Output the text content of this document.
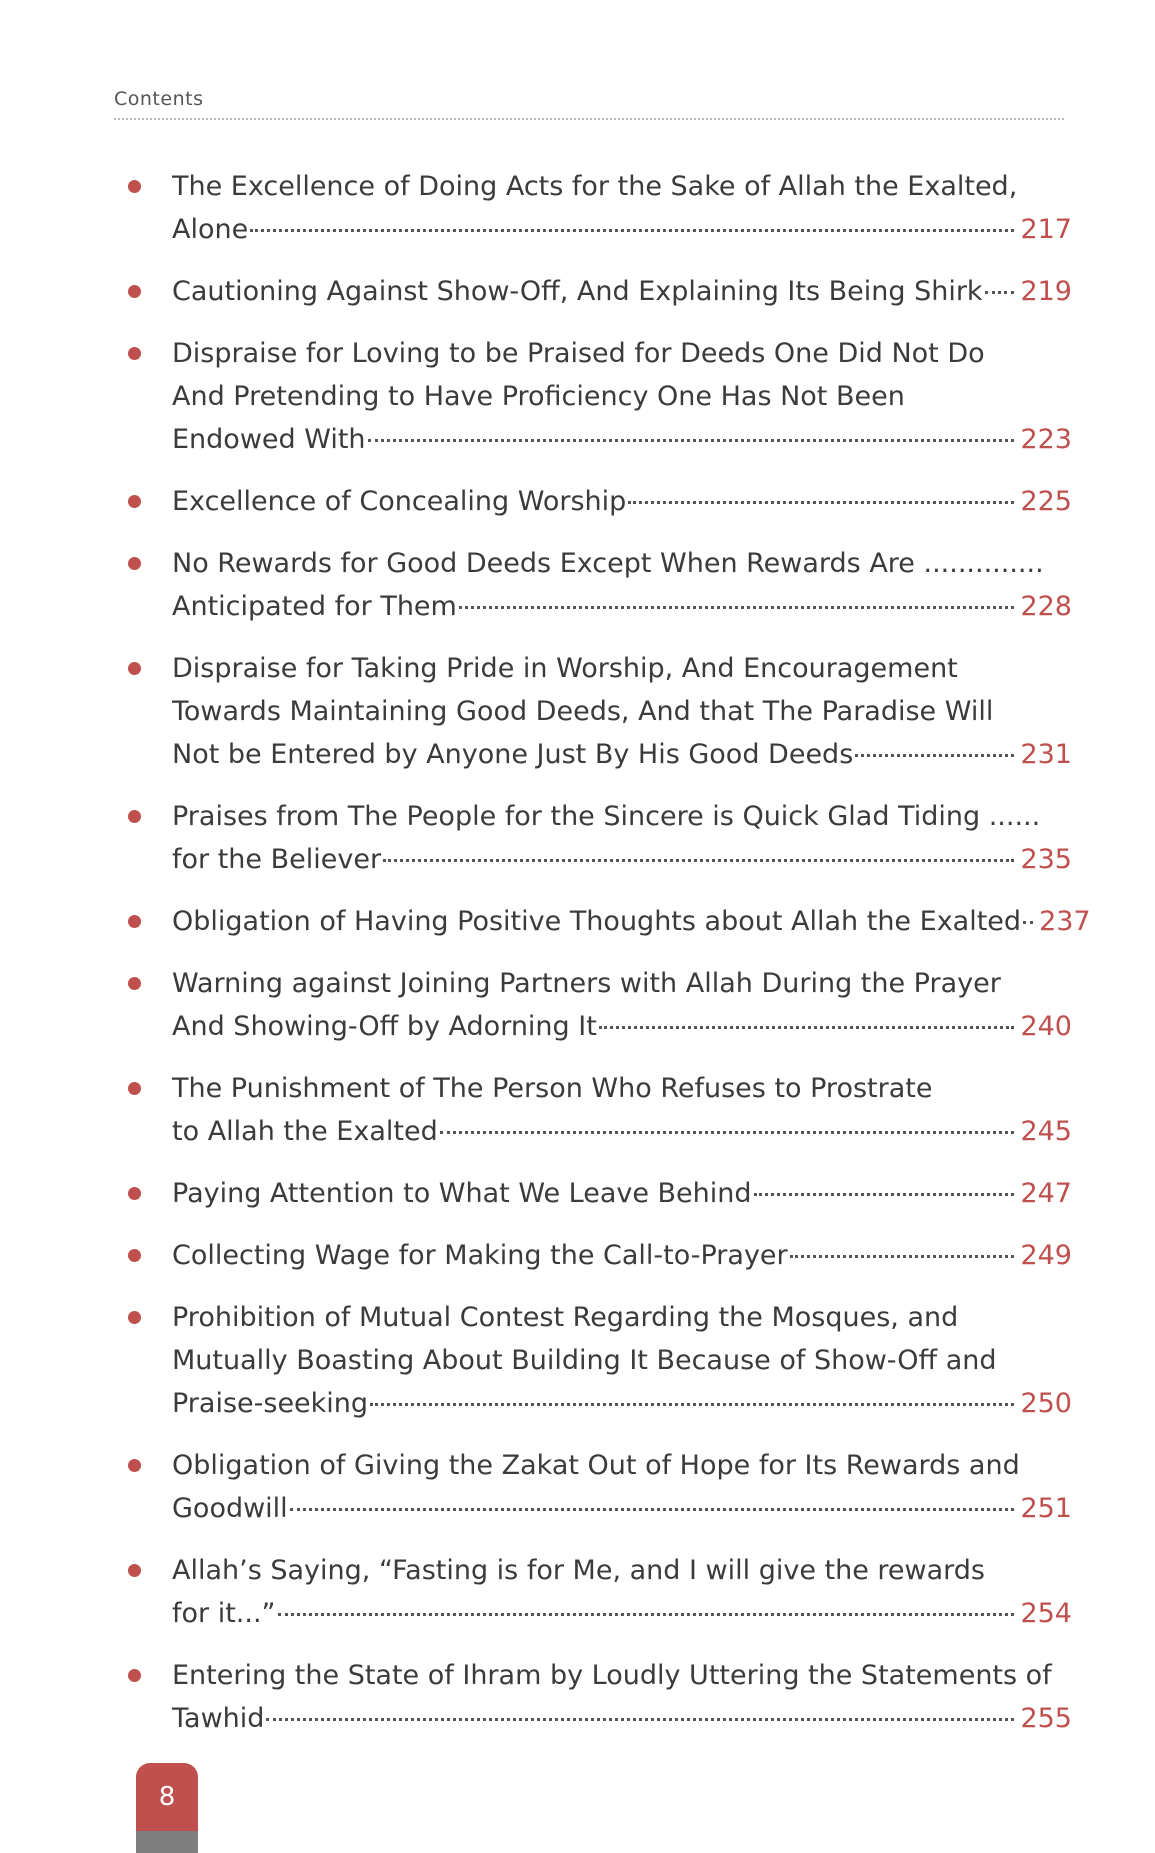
Contents
The Excellence of Doing Acts for the Sake of Allah the Exalted,
Alone	217
Cautioning Against Show-Off, And Explaining Its Being Shirk 219
Dispraise for Loving to be Praised for Deeds One Did Not Do
And Pretending to Have Proficiency One Has Not Been
Endowed With	223
Excellence of Concealing Worship	225
No Rewards for Good Deeds Except When Rewards Are ..............
Anticipated for Them	228
Dispraise for Taking Pride in Worship, And Encouragement
Towards Maintaining Good Deeds, And that The Paradise Will
Not be Entered by Anyone Just By His Good Deeds	231
Praises from The People for the Sincere is Quick Glad Tiding ......
for the Believer	235
Obligation of Having Positive Thoughts about Allah the Exalted 237
Warning against Joining Partners with Allah During the Prayer
And Showing-Off by Adorning It	240
The Punishment of The Person Who Refuses to Prostrate
to Allah the Exalted	245
Paying Attention to What We Leave Behind	247
Collecting Wage for Making the Call-to-Prayer	249
Prohibition of Mutual Contest Regarding the Mosques, and
Mutually Boasting About Building It Because of Show-Off and
Praise-seeking	250
Obligation of Giving the Zakat Out of Hope for Its Rewards and
Goodwill	251
Allah’s Saying, “Fasting is for Me, and I will give the rewards
for it...”	254
Entering the State of Ihram by Loudly Uttering the Statements of
Tawhid	255
8
